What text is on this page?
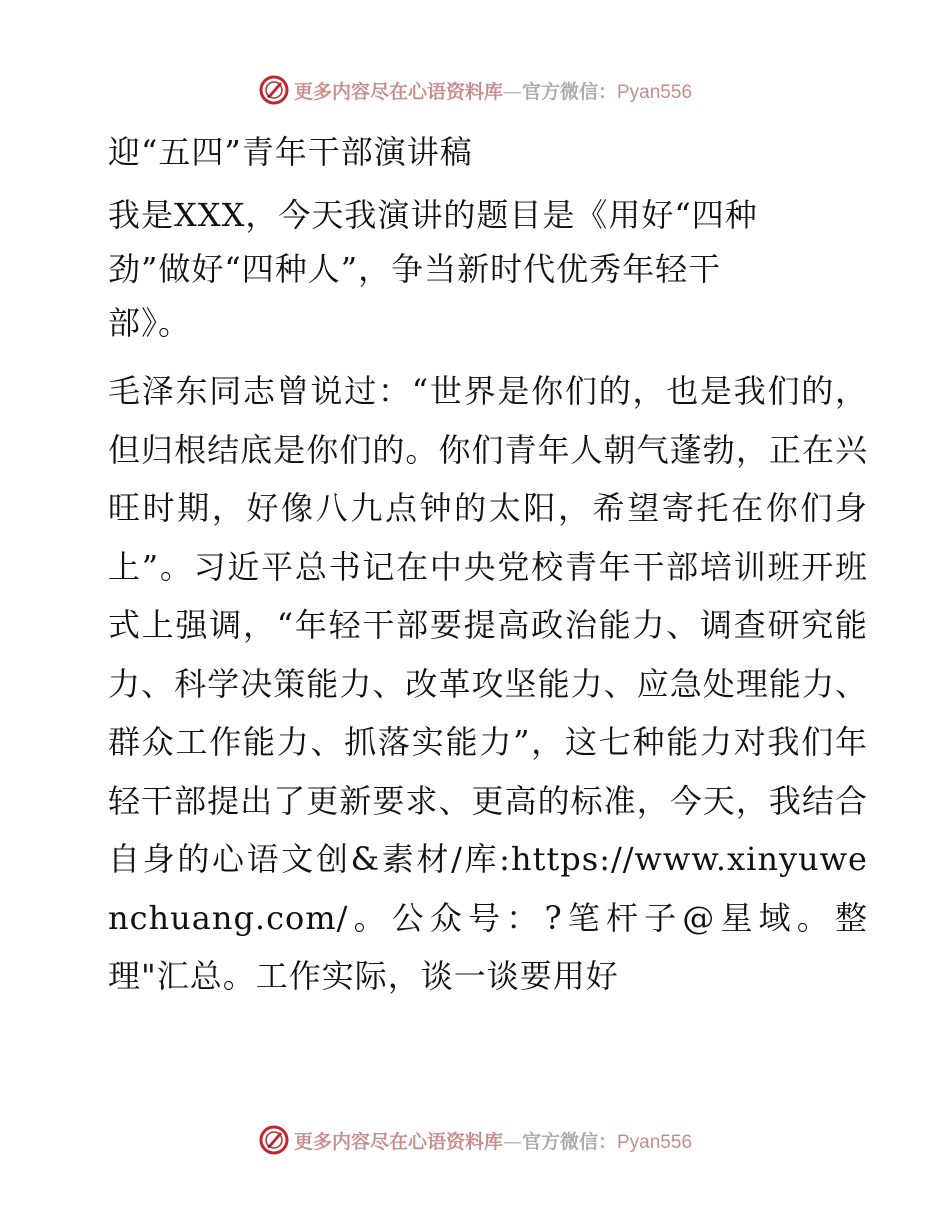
更多内容尽在心语资料库—官方微信：Pyan556
迎“五四”青年干部演讲稿

我是XXX，今天我演讲的题目是《用好“四种劲”做好“四种人”，争当新时代优秀年轻干部》。

毛泽东同志曾说过：“世界是你们的，也是我们的，但归根结底是你们的。你们青年人朝气蓬勃，正在兴旺时期，好像八九点钟的太阳，希望寄托在你们身上”。习近平总书记在中央党校青年干部培训班开班式上强调，“年轻干部要提高政治能力、调查研究能力、科学决策能力、改革攻坚能力、应急处理能力、群众工作能力、抓落实能力”，这七种能力对我们年轻干部提出了更新要求、更高的标准，今天，我结合自身的心语文创&素材/库:https://www.xinyuwenchuang.com/。公众号：?笔杆子@星域。整理"汇总。工作实际，谈一谈要用好

更多内容尽在心语资料库—官方微信：Pyan556
